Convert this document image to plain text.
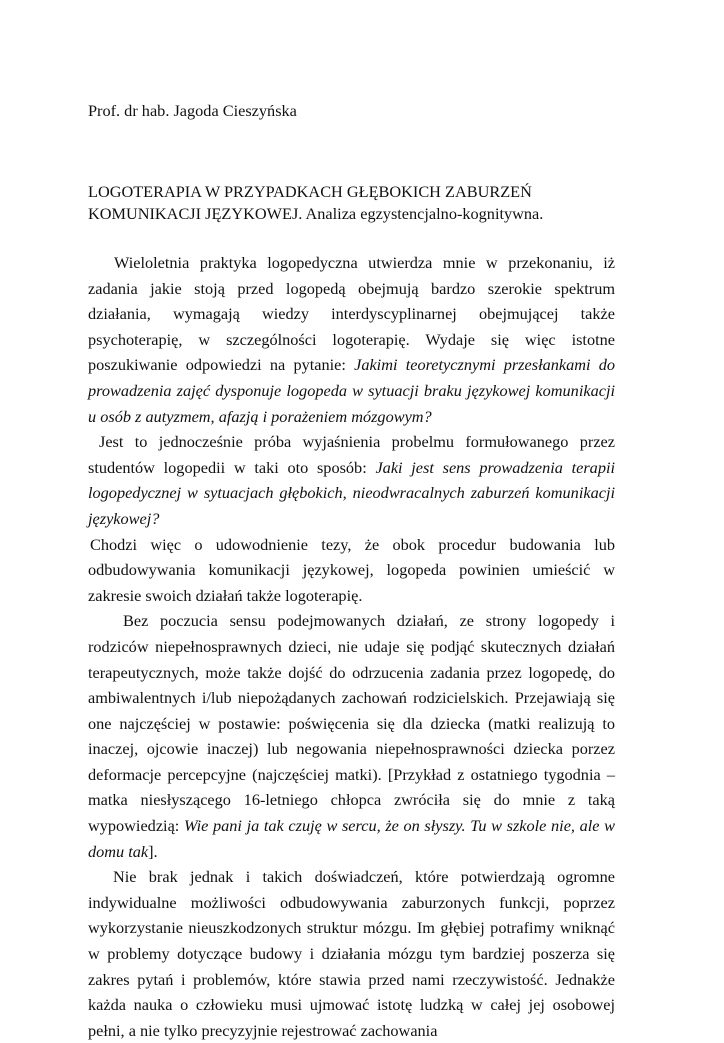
Prof. dr hab. Jagoda Cieszyńska

LOGOTERAPIA W PRZYPADKACH GŁĘBOKICH ZABURZEŃ
KOMUNIKACJI JĘZYKOWEJ. Analiza egzystencjalno-kognitywna.

Wieloletnia praktyka logopedyczna utwierdza mnie w przekonaniu, iż zadania jakie stoją przed logopedą obejmują bardzo szerokie spektrum działania, wymagają wiedzy interdyscyplinarnej obejmującej także psychoterapię, w szczególności logoterapię. Wydaje się więc istotne poszukiwanie odpowiedzi na pytanie: Jakimi teoretycznymi przesłankami do prowadzenia zajęć dysponuje logopeda w sytuacji braku językowej komunikacji u osób z autyzmem, afazją i porażeniem mózgowym?

Jest to jednocześnie próba wyjaśnienia probelmu formułowanego przez studentów logopedii w taki oto sposób: Jaki jest sens prowadzenia terapii logopedycznej w sytuacjach głębokich, nieodwracalnych zaburzeń komunikacji językowej?

Chodzi więc o udowodnienie tezy, że obok procedur budowania lub odbudowywania komunikacji językowej, logopeda powinien umieścić w zakresie swoich działań także logoterapię.

Bez poczucia sensu podejmowanych działań, ze strony logopedy i rodziców niepełnosprawnych dzieci, nie udaje się podjąć skutecznych działań terapeutycznych, może także dojść do odrzucenia zadania przez logopedę, do ambiwalentnych i/lub niepożądanych zachowań rodzicielskich. Przejawiają się one najczęściej w postawie: poświęcenia się dla dziecka (matki realizują to inaczej, ojcowie inaczej) lub negowania niepełnosprawności dziecka porzez deformacje percepcyjne (najczęściej matki). [Przykład z ostatniego tygodnia – matka niesłyszącego 16-letniego chłopca zwróciła się do mnie z taką wypowiedzią: Wie pani ja tak czuję w sercu, że on słyszy. Tu w szkole nie, ale w domu tak].

Nie brak jednak i takich doświadczeń, które potwierdzają ogromne indywidualne możliwości odbudowywania zaburzonych funkcji, poprzez wykorzystanie nieuszkodzonych struktur mózgu. Im głębiej potrafimy wniknąć w problemy dotyczące budowy i działania mózgu tym bardziej poszerza się zakres pytań i problemów, które stawia przed nami rzeczywistość. Jednakże każda nauka o człowieku musi ujmować istotę ludzką w całej jej osobowej pełni, a nie tylko precyzyjnie rejestrować zachowania
